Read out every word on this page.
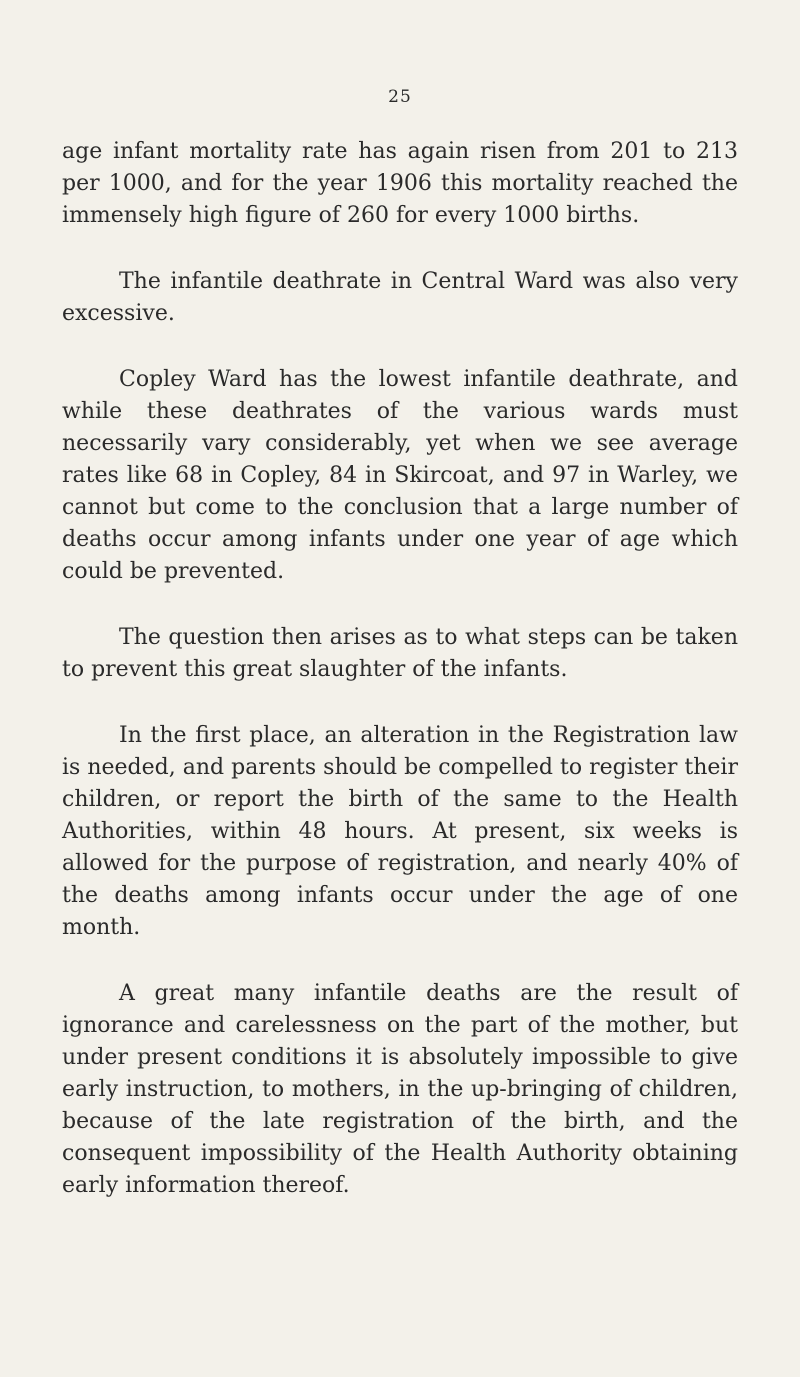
25

age infant mortality rate has again risen from 201 to 213 per 1000, and for the year 1906 this mortality reached the immensely high figure of 260 for every 1000 births.

The infantile deathrate in Central Ward was also very excessive.

Copley Ward has the lowest infantile deathrate, and while these deathrates of the various wards must necessarily vary considerably, yet when we see average rates like 68 in Copley, 84 in Skircoat, and 97 in Warley, we cannot but come to the conclusion that a large number of deaths occur among infants under one year of age which could be prevented.

The question then arises as to what steps can be taken to prevent this great slaughter of the infants.

In the first place, an alteration in the Registration law is needed, and parents should be compelled to register their children, or report the birth of the same to the Health Authorities, within 48 hours. At present, six weeks is allowed for the purpose of registration, and nearly 40% of the deaths among infants occur under the age of one month.

A great many infantile deaths are the result of ignorance and carelessness on the part of the mother, but under present conditions it is absolutely impossible to give early instruction, to mothers, in the up-bringing of children, because of the late registration of the birth, and the consequent impossibility of the Health Authority obtaining early information thereof.
